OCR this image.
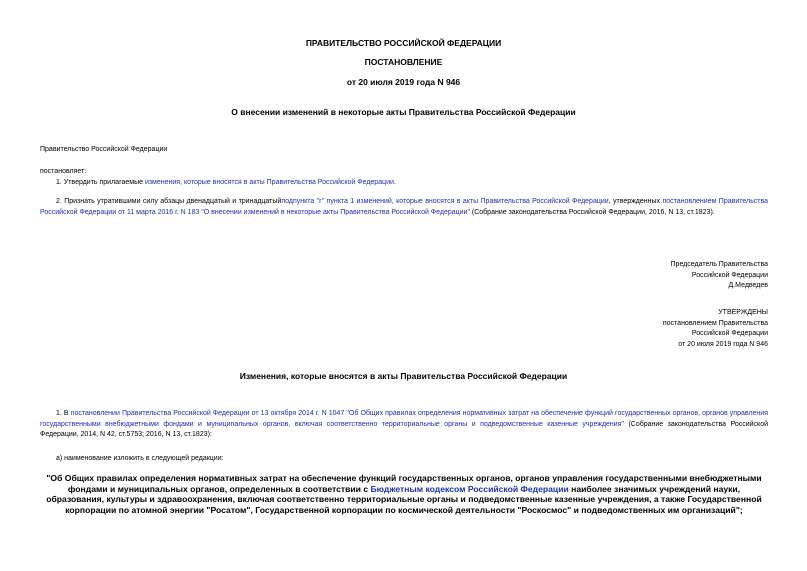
ПРАВИТЕЛЬСТВО РОССИЙСКОЙ ФЕДЕРАЦИИ
ПОСТАНОВЛЕНИЕ
от 20 июля 2019 года N 946
О внесении изменений в некоторые акты Правительства Российской Федерации
Правительство Российской Федерации
постановляет:
1. Утвердить прилагаемые изменения, которые вносятся в акты Правительства Российской Федерации.
2. Признать утратившими силу абзацы двенадцатый и тринадцатыйподпункта "г" пункта 1 изменений, которые вносятся в акты Правительства Российской Федерации, утвержденных постановлением Правительства Российской Федерации от 11 марта 2016 г. N 183 "О внесении изменений в некоторые акты Правительства Российской Федерации" (Собрание законодательства Российской Федерации, 2016, N 13, ст.1823).
Председатель Правительства
Российской Федерации
Д.Медведев
УТВЕРЖДЕНЫ
постановлением Правительства
Российской Федерации
от 20 июля 2019 года N 946
Изменения, которые вносятся в акты Правительства Российской Федерации
1. В постановлении Правительства Российской Федерации от 13 октября 2014 г. N 1047 "Об Общих правилах определения нормативных затрат на обеспечение функций государственных органов, органов управления государственными внебюджетными фондами и муниципальных органов, включая соответственно территориальные органы и подведомственные казенные учреждения" (Собрание законодательства Российской Федерации, 2014, N 42, ст.5753; 2016, N 13, ст.1823):
а) наименование изложить в следующей редакции:
"Об Общих правилах определения нормативных затрат на обеспечение функций государственных органов, органов управления государственными внебюджетными фондами и муниципальных органов, определенных в соответствии с Бюджетным кодексом Российской Федерации наиболее значимых учреждений науки, образования, культуры и здравоохранения, включая соответственно территориальные органы и подведомственные казенные учреждения, а также Государственной корпорации по атомной энергии "Росатом", Государственной корпорации по космической деятельности "Роскосмос" и подведомственных им организаций";
